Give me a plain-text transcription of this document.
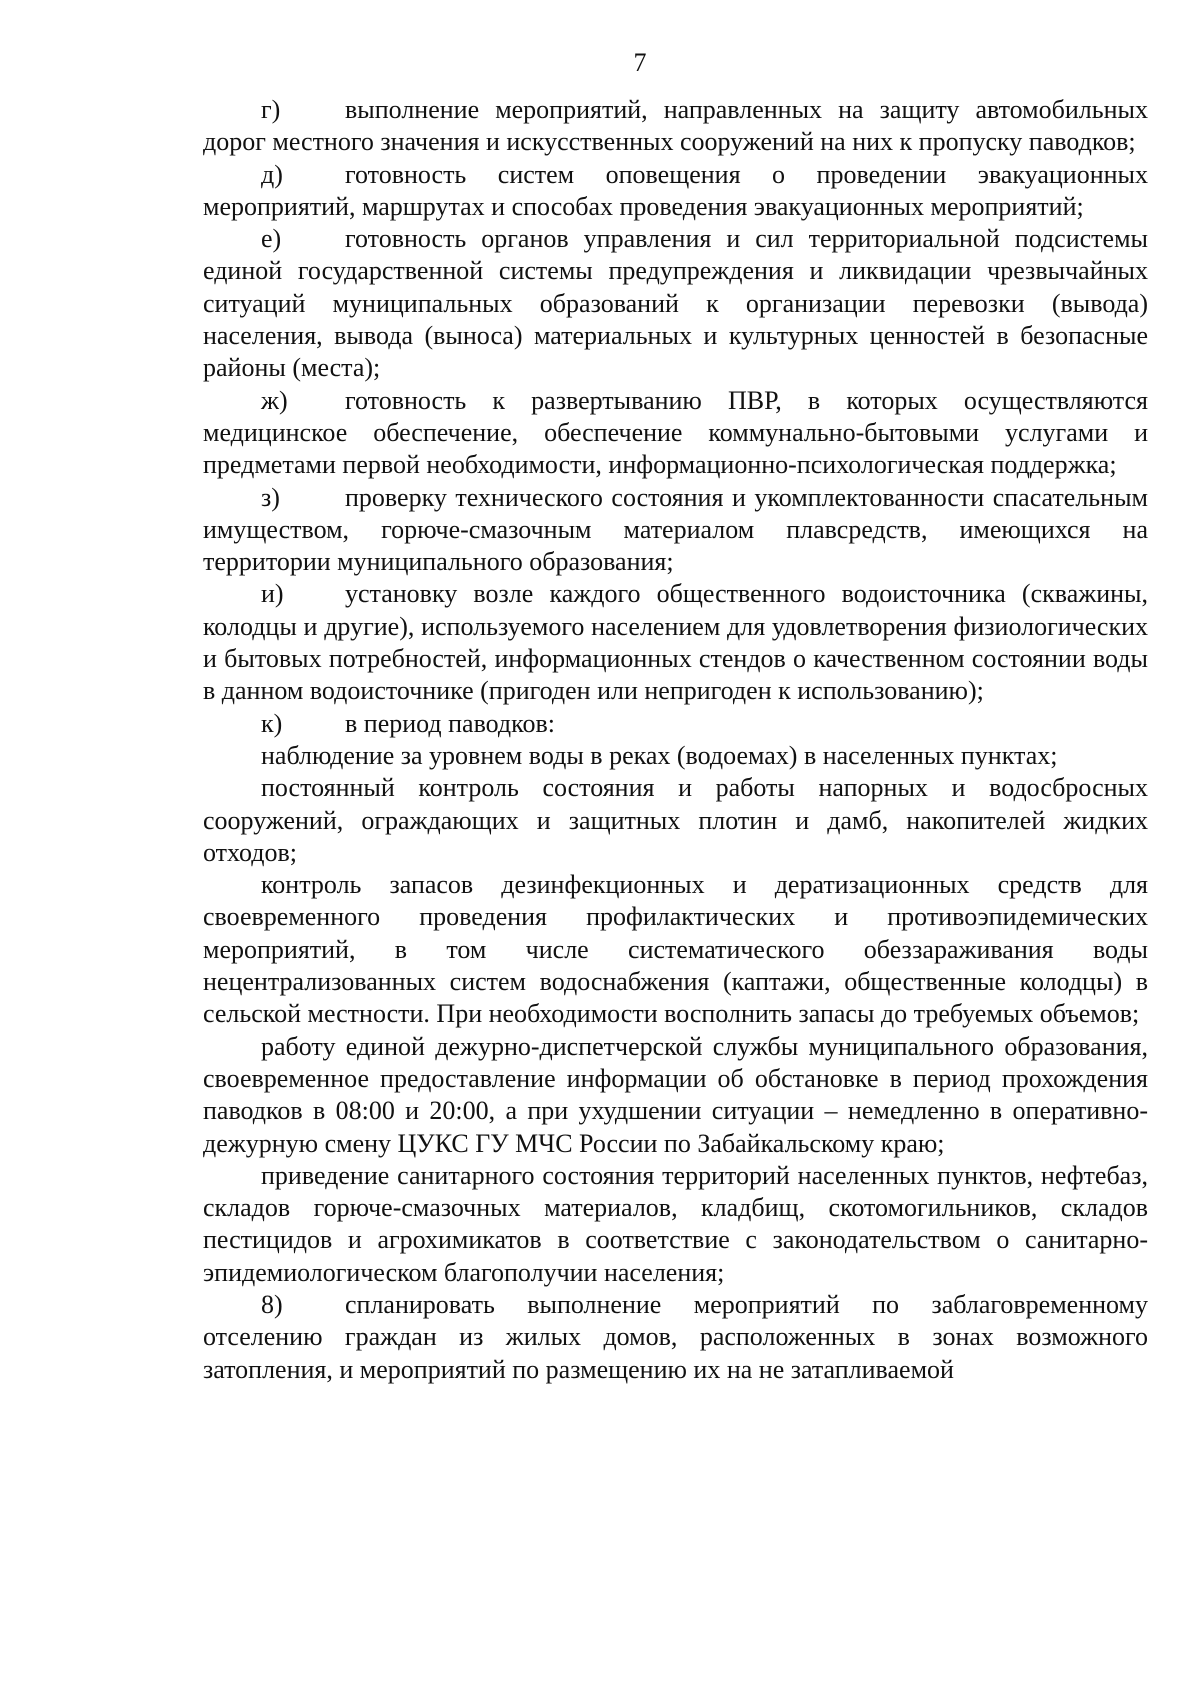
7

г) выполнение мероприятий, направленных на защиту автомобильных дорог местного значения и искусственных сооружений на них к пропуску паводков;

д) готовность систем оповещения о проведении эвакуационных мероприятий, маршрутах и способах проведения эвакуационных мероприятий;

е) готовность органов управления и сил территориальной подсистемы единой государственной системы предупреждения и ликвидации чрезвычайных ситуаций муниципальных образований к организации перевозки (вывода) населения, вывода (выноса) материальных и культурных ценностей в безопасные районы (места);

ж) готовность к развертыванию ПВР, в которых осуществляются медицинское обеспечение, обеспечение коммунально-бытовыми услугами и предметами первой необходимости, информационно-психологическая поддержка;

з)	проверку технического состояния и укомплектованности спасательным имуществом, горюче-смазочным материалом плавсредств, имеющихся на территории муниципального образования;

и) установку возле каждого общественного водоисточника (скважины, колодцы и другие), используемого населением для удовлетворения физиологических и бытовых потребностей, информационных стендов о качественном состоянии воды в данном водоисточнике (пригоден или непригоден к использованию);

к) в период паводков:

наблюдение за уровнем воды в реках (водоемах) в населенных пунктах;

постоянный контроль состояния и работы напорных и водосбросных сооружений, ограждающих и защитных плотин и дамб, накопителей жидких отходов;

контроль запасов дезинфекционных и дератизационных средств для своевременного проведения профилактических и противоэпидемических мероприятий, в том числе систематического обеззараживания воды нецентрализованных систем водоснабжения (каптажи, общественные колодцы) в сельской местности. При необходимости восполнить запасы до требуемых объемов;

работу единой дежурно-диспетчерской службы муниципального образования, своевременное предоставление информации об обстановке в период прохождения паводков в 08:00 и 20:00, а при ухудшении ситуации – немедленно в оперативно-дежурную смену ЦУКС ГУ МЧС России по Забайкальскому краю;

приведение санитарного состояния территорий населенных пунктов, нефтебаз, складов горюче-смазочных материалов, кладбищ, скотомогильников, складов пестицидов и агрохимикатов в соответствие с законодательством о санитарно-эпидемиологическом благополучии населения;

8) спланировать выполнение мероприятий по заблаговременному отселению граждан из жилых домов, расположенных в зонах возможного затопления, и мероприятий по размещению их на не затапливаемой
